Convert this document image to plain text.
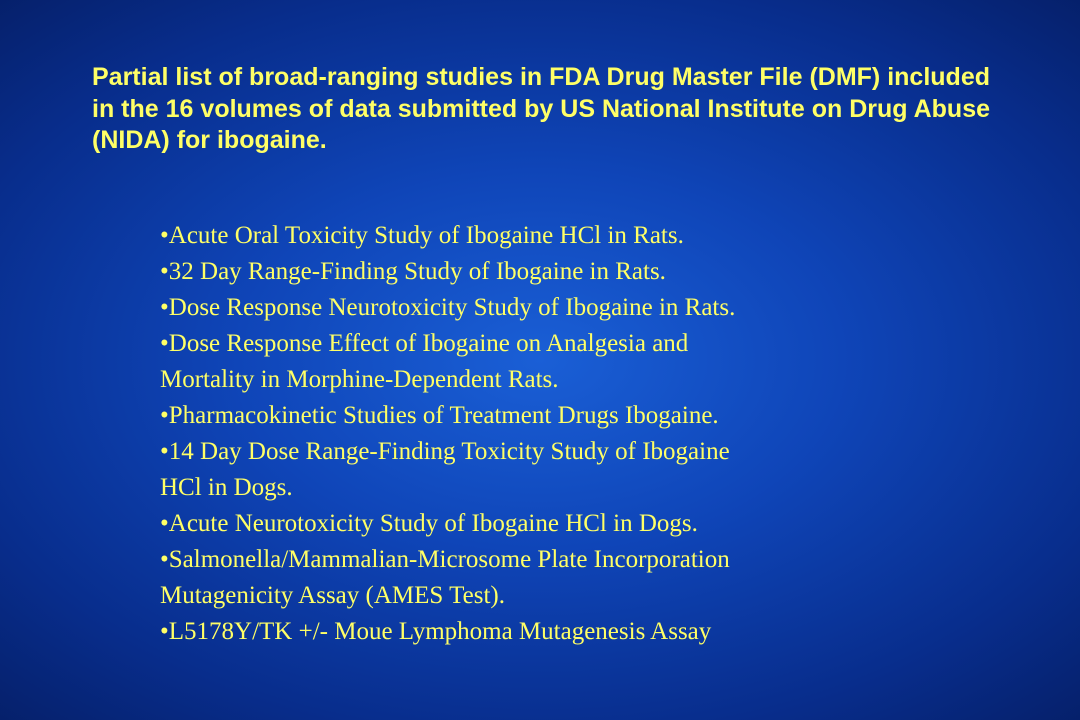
Partial list of broad-ranging studies in FDA Drug Master File (DMF) included in the 16 volumes of data submitted by US National Institute on Drug Abuse (NIDA) for ibogaine.

•Acute Oral Toxicity Study of Ibogaine HCl in Rats.
•32 Day Range-Finding Study of Ibogaine in Rats.
•Dose Response Neurotoxicity Study of Ibogaine in Rats.
•Dose Response Effect of Ibogaine on Analgesia and
Mortality in Morphine-Dependent Rats.
•Pharmacokinetic Studies of Treatment Drugs Ibogaine.
•14 Day Dose Range-Finding Toxicity Study of Ibogaine
HCl in Dogs.
•Acute Neurotoxicity Study of Ibogaine HCl in Dogs.
•Salmonella/Mammalian-Microsome Plate Incorporation
Mutagenicity Assay (AMES Test).
•L5178Y/TK +/- Moue Lymphoma Mutagenesis Assay
